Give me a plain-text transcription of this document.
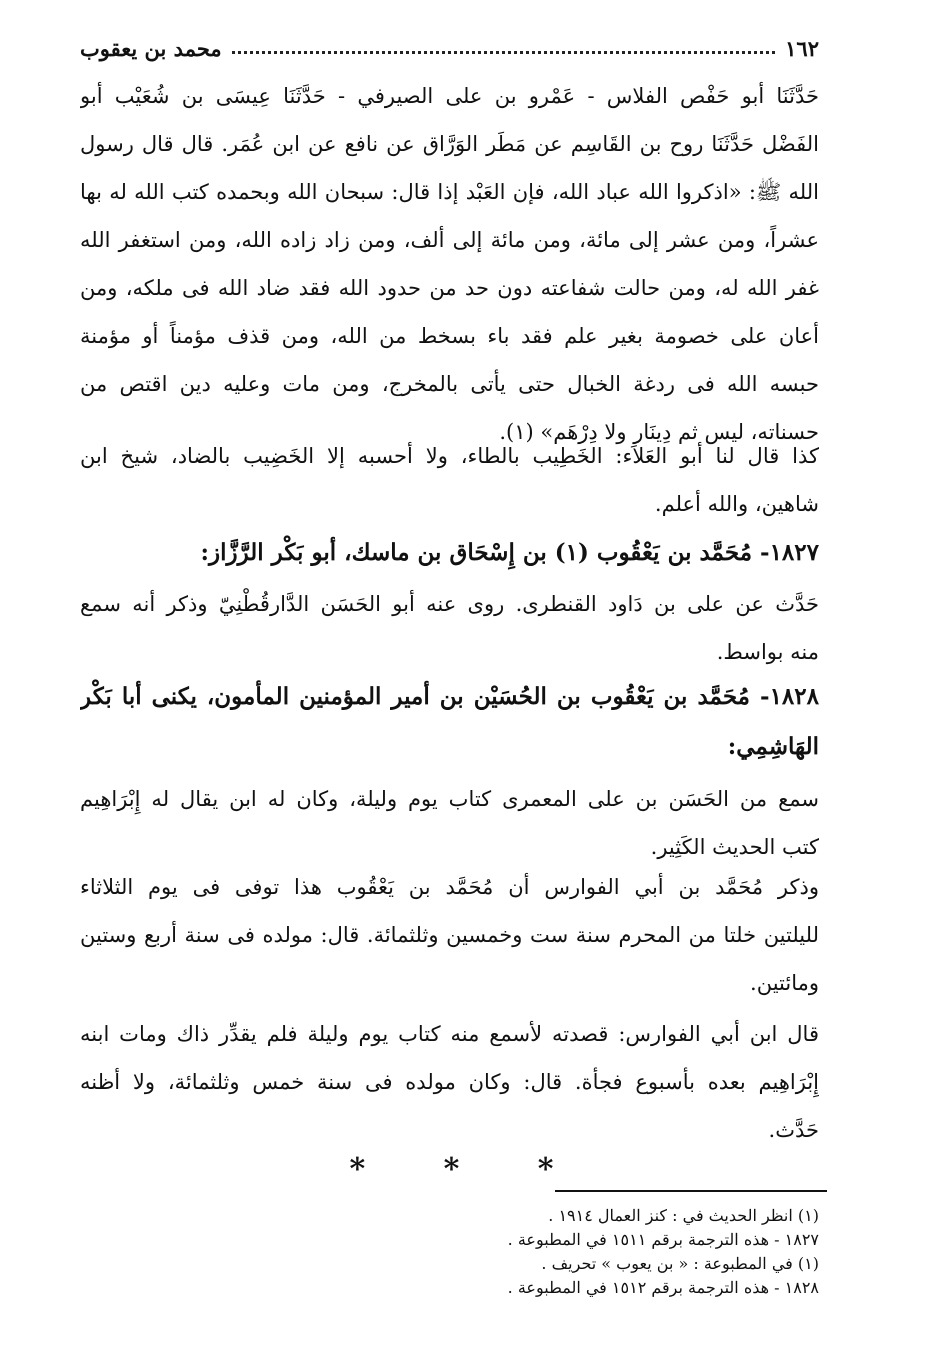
١٦٢
محمد بن يعقوب
حَدَّثَنَا أبو حَفْص الفلاس - عَمْرو بن على الصيرفي - حَدَّثَنَا عِيسَى بن شُعَيْب أبو
الفَضْل حَدَّثَنَا روح بن القَاسِم عن مَطَر الوَرَّاق عن نافع عن ابن عُمَر. قال قال رسول
الله ﷺ: «اذكروا الله عباد الله، فإن العَبْد إذا قال: سبحان الله وبحمده كتب الله له بها
عشراً، ومن عشر إلى مائة، ومن مائة إلى ألف، ومن زاد زاده الله، ومن استغفر الله
غفر الله له، ومن حالت شفاعته دون حد من حدود الله فقد ضاد الله فى ملكه، ومن
أعان على خصومة بغير علم فقد باء بسخط من الله، ومن قذف مؤمناً أو مؤمنة
حبسه الله فى ردغة الخبال حتى يأتى بالمخرج، ومن مات وعليه دين اقتص من
حسناته، ليس ثم دِينَار ولا دِرْهَم» (١).
كذا قال لنا أبو العَلاَء: الخَطِيب بالطاء، ولا أحسبه إلا الخَضِيب بالضاد، شيخ ابن
شاهين، والله أعلم.
١٨٢٧- مُحَمَّد بن يَعْقُوب (١) بن إِسْحَاق بن ماسك، أبو بَكْر الرَّزَّاز:
حَدَّث عن على بن دَاود القنطرى. روى عنه أبو الحَسَن الدَّارقُطْنِيّ وذكر أنه سمع
منه بواسط.
١٨٢٨- مُحَمَّد بن يَعْقُوب بن الحُسَيْن بن أمير المؤمنين المأمون، يكنى أبا بَكْر
الهَاشِمِي:
سمع من الحَسَن بن على المعمرى كتاب يوم وليلة، وكان له ابن يقال له إِبْرَاهِيم
كتب الحديث الكَثِير.
وذكر مُحَمَّد بن أبي الفوارس أن مُحَمَّد بن يَعْقُوب هذا توفى فى يوم الثلاثاء
لليلتين خلتا من المحرم سنة ست وخمسين وثلثمائة. قال: مولده فى سنة أربع وستين
ومائتين.
قال ابن أبي الفوارس: قصدته لأسمع منه كتاب يوم وليلة فلم يقدِّر ذاك ومات ابنه
إِبْرَاهِيم بعده بأسبوع فجأة. قال: وكان مولده فى سنة خمس وثلثمائة، ولا أظنه
حَدَّث.
* * *
(١) انظر الحديث في : كنز العمال ١٩١٤ .
١٨٢٧ - هذه الترجمة برقم ١٥١١ في المطبوعة .
(١) في المطبوعة : « بن يعوب » تحريف .
١٨٢٨ - هذه الترجمة برقم ١٥١٢ في المطبوعة .
